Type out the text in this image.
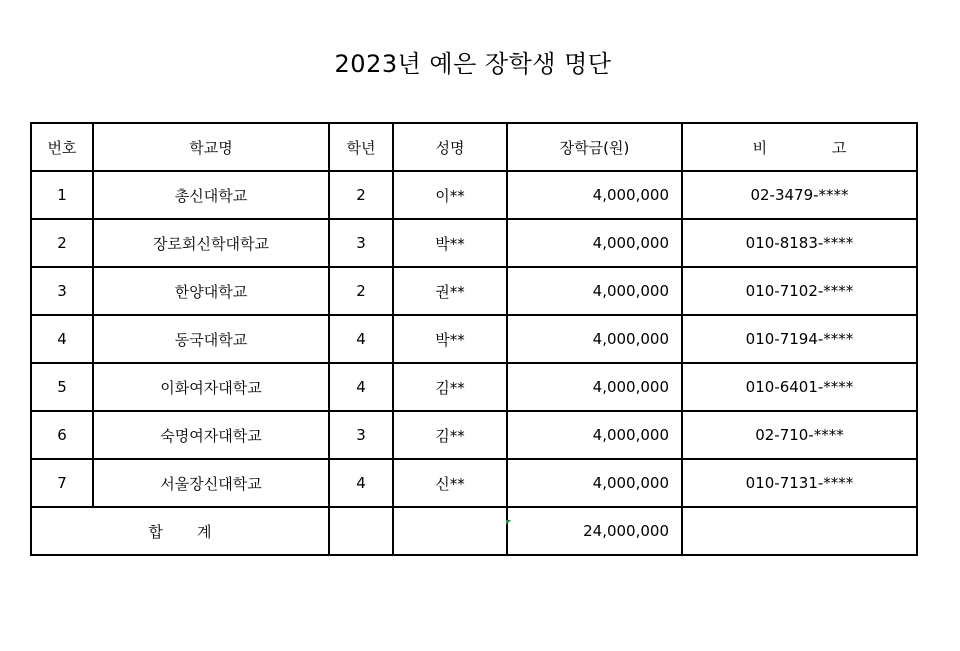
2023년 예은 장학생 명단
번호	학교명	학년	성명	장학금(원)	비 고
1	총신대학교	2	이**	4,000,000	02-3479-****
2	장로회신학대학교	3	박**	4,000,000	010-8183-****
3	한양대학교	2	권**	4,000,000	010-7102-****
4	동국대학교	4	박**	4,000,000	010-7194-****
5	이화여자대학교	4	김**	4,000,000	010-6401-****
6	숙명여자대학교	3	김**	4,000,000	02-710-****
7	서울장신대학교	4	신**	4,000,000	010-7131-****
합계				24,000,000	
